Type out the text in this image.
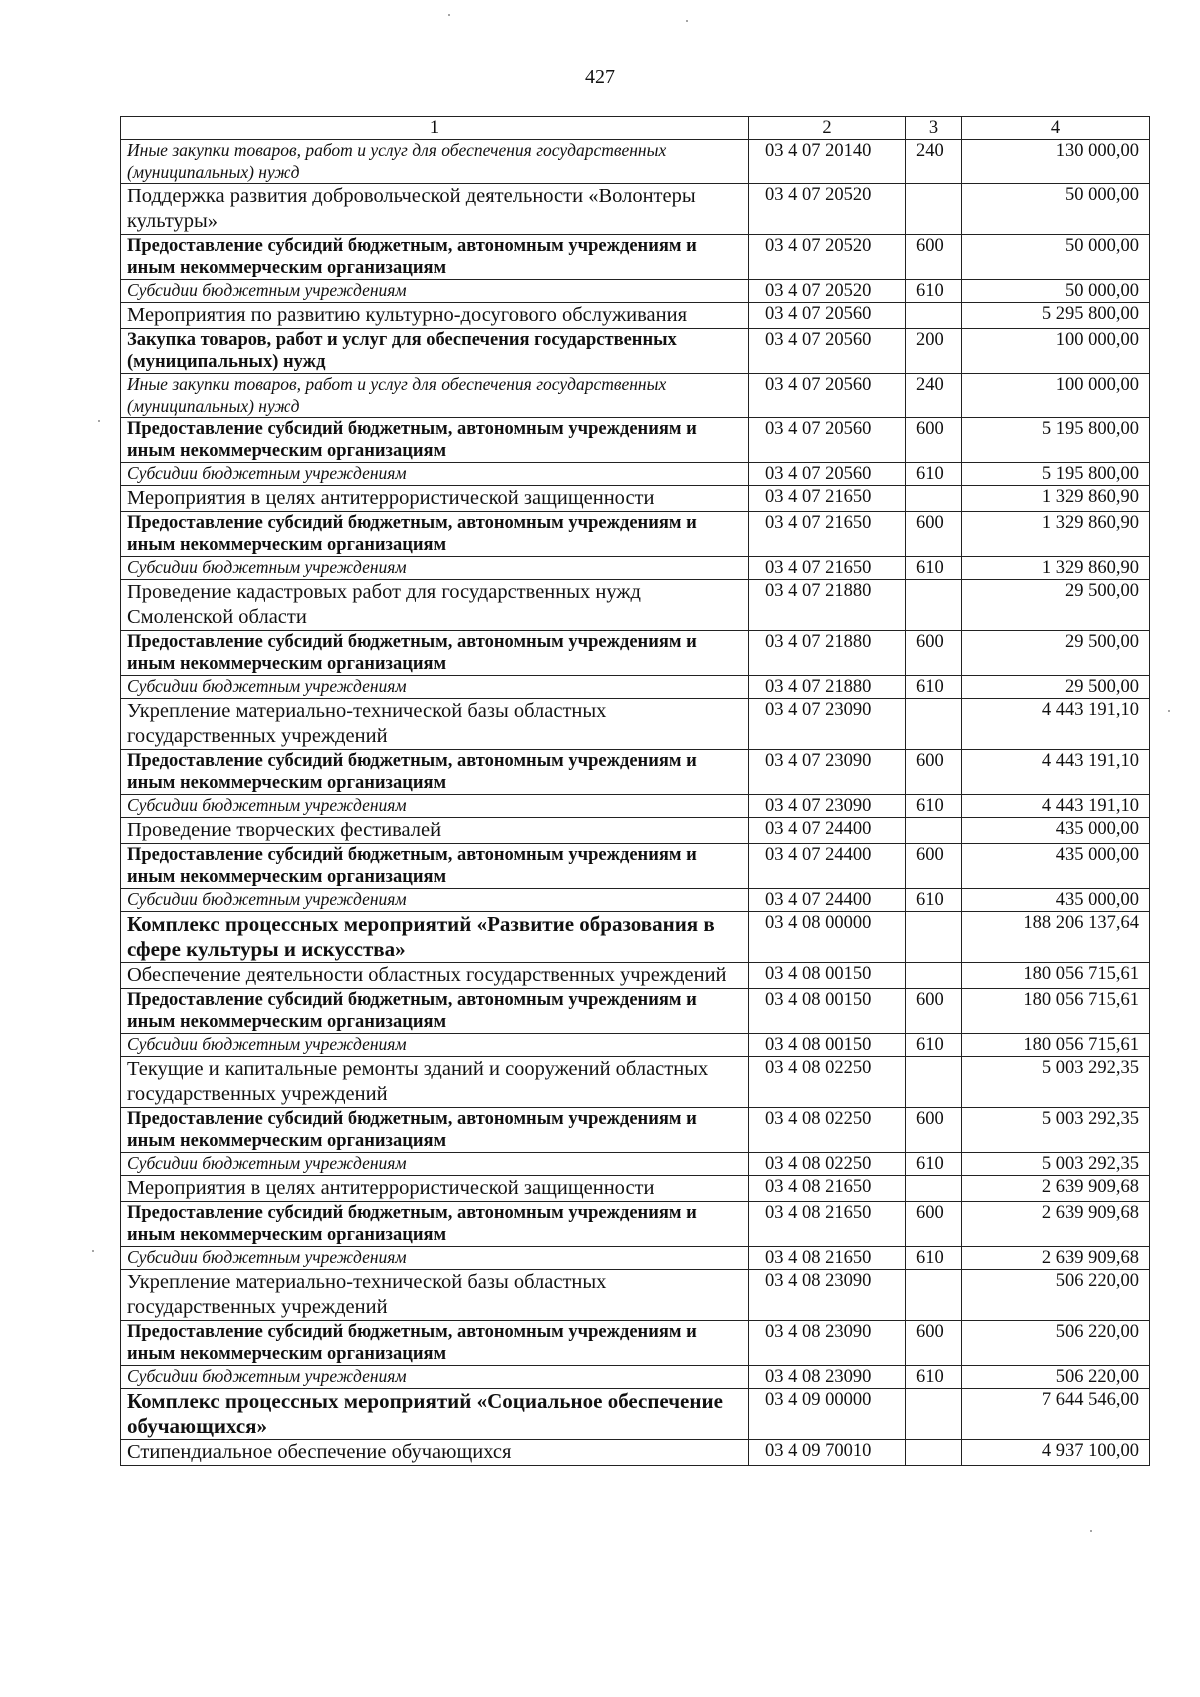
427
1	2	3	4
Иные закупки товаров, работ и услуг для обеспечения государственных (муниципальных) нужд	03 4 07 20140	240	130 000,00
Поддержка развития добровольческой деятельности «Волонтеры культуры»	03 4 07 20520		50 000,00
Предоставление субсидий бюджетным, автономным учреждениям и иным некоммерческим организациям	03 4 07 20520	600	50 000,00
Субсидии бюджетным учреждениям	03 4 07 20520	610	50 000,00
Мероприятия по развитию культурно-досугового обслуживания	03 4 07 20560		5 295 800,00
Закупка товаров, работ и услуг для обеспечения государственных (муниципальных) нужд	03 4 07 20560	200	100 000,00
Иные закупки товаров, работ и услуг для обеспечения государственных (муниципальных) нужд	03 4 07 20560	240	100 000,00
Предоставление субсидий бюджетным, автономным учреждениям и иным некоммерческим организациям	03 4 07 20560	600	5 195 800,00
Субсидии бюджетным учреждениям	03 4 07 20560	610	5 195 800,00
Мероприятия в целях антитеррористической защищенности	03 4 07 21650		1 329 860,90
Предоставление субсидий бюджетным, автономным учреждениям и иным некоммерческим организациям	03 4 07 21650	600	1 329 860,90
Субсидии бюджетным учреждениям	03 4 07 21650	610	1 329 860,90
Проведение кадастровых работ для государственных нужд Смоленской области	03 4 07 21880		29 500,00
Предоставление субсидий бюджетным, автономным учреждениям и иным некоммерческим организациям	03 4 07 21880	600	29 500,00
Субсидии бюджетным учреждениям	03 4 07 21880	610	29 500,00
Укрепление материально-технической базы областных государственных учреждений	03 4 07 23090		4 443 191,10
Предоставление субсидий бюджетным, автономным учреждениям и иным некоммерческим организациям	03 4 07 23090	600	4 443 191,10
Субсидии бюджетным учреждениям	03 4 07 23090	610	4 443 191,10
Проведение творческих фестивалей	03 4 07 24400		435 000,00
Предоставление субсидий бюджетным, автономным учреждениям и иным некоммерческим организациям	03 4 07 24400	600	435 000,00
Субсидии бюджетным учреждениям	03 4 07 24400	610	435 000,00
Комплекс процессных мероприятий «Развитие образования в сфере культуры и искусства»	03 4 08 00000		188 206 137,64
Обеспечение деятельности областных государственных учреждений	03 4 08 00150		180 056 715,61
Предоставление субсидий бюджетным, автономным учреждениям и иным некоммерческим организациям	03 4 08 00150	600	180 056 715,61
Субсидии бюджетным учреждениям	03 4 08 00150	610	180 056 715,61
Текущие и капитальные ремонты зданий и сооружений областных государственных учреждений	03 4 08 02250		5 003 292,35
Предоставление субсидий бюджетным, автономным учреждениям и иным некоммерческим организациям	03 4 08 02250	600	5 003 292,35
Субсидии бюджетным учреждениям	03 4 08 02250	610	5 003 292,35
Мероприятия в целях антитеррористической защищенности	03 4 08 21650		2 639 909,68
Предоставление субсидий бюджетным, автономным учреждениям и иным некоммерческим организациям	03 4 08 21650	600	2 639 909,68
Субсидии бюджетным учреждениям	03 4 08 21650	610	2 639 909,68
Укрепление материально-технической базы областных государственных учреждений	03 4 08 23090		506 220,00
Предоставление субсидий бюджетным, автономным учреждениям и иным некоммерческим организациям	03 4 08 23090	600	506 220,00
Субсидии бюджетным учреждениям	03 4 08 23090	610	506 220,00
Комплекс процессных мероприятий «Социальное обеспечение обучающихся»	03 4 09 00000		7 644 546,00
Стипендиальное обеспечение обучающихся	03 4 09 70010		4 937 100,00
